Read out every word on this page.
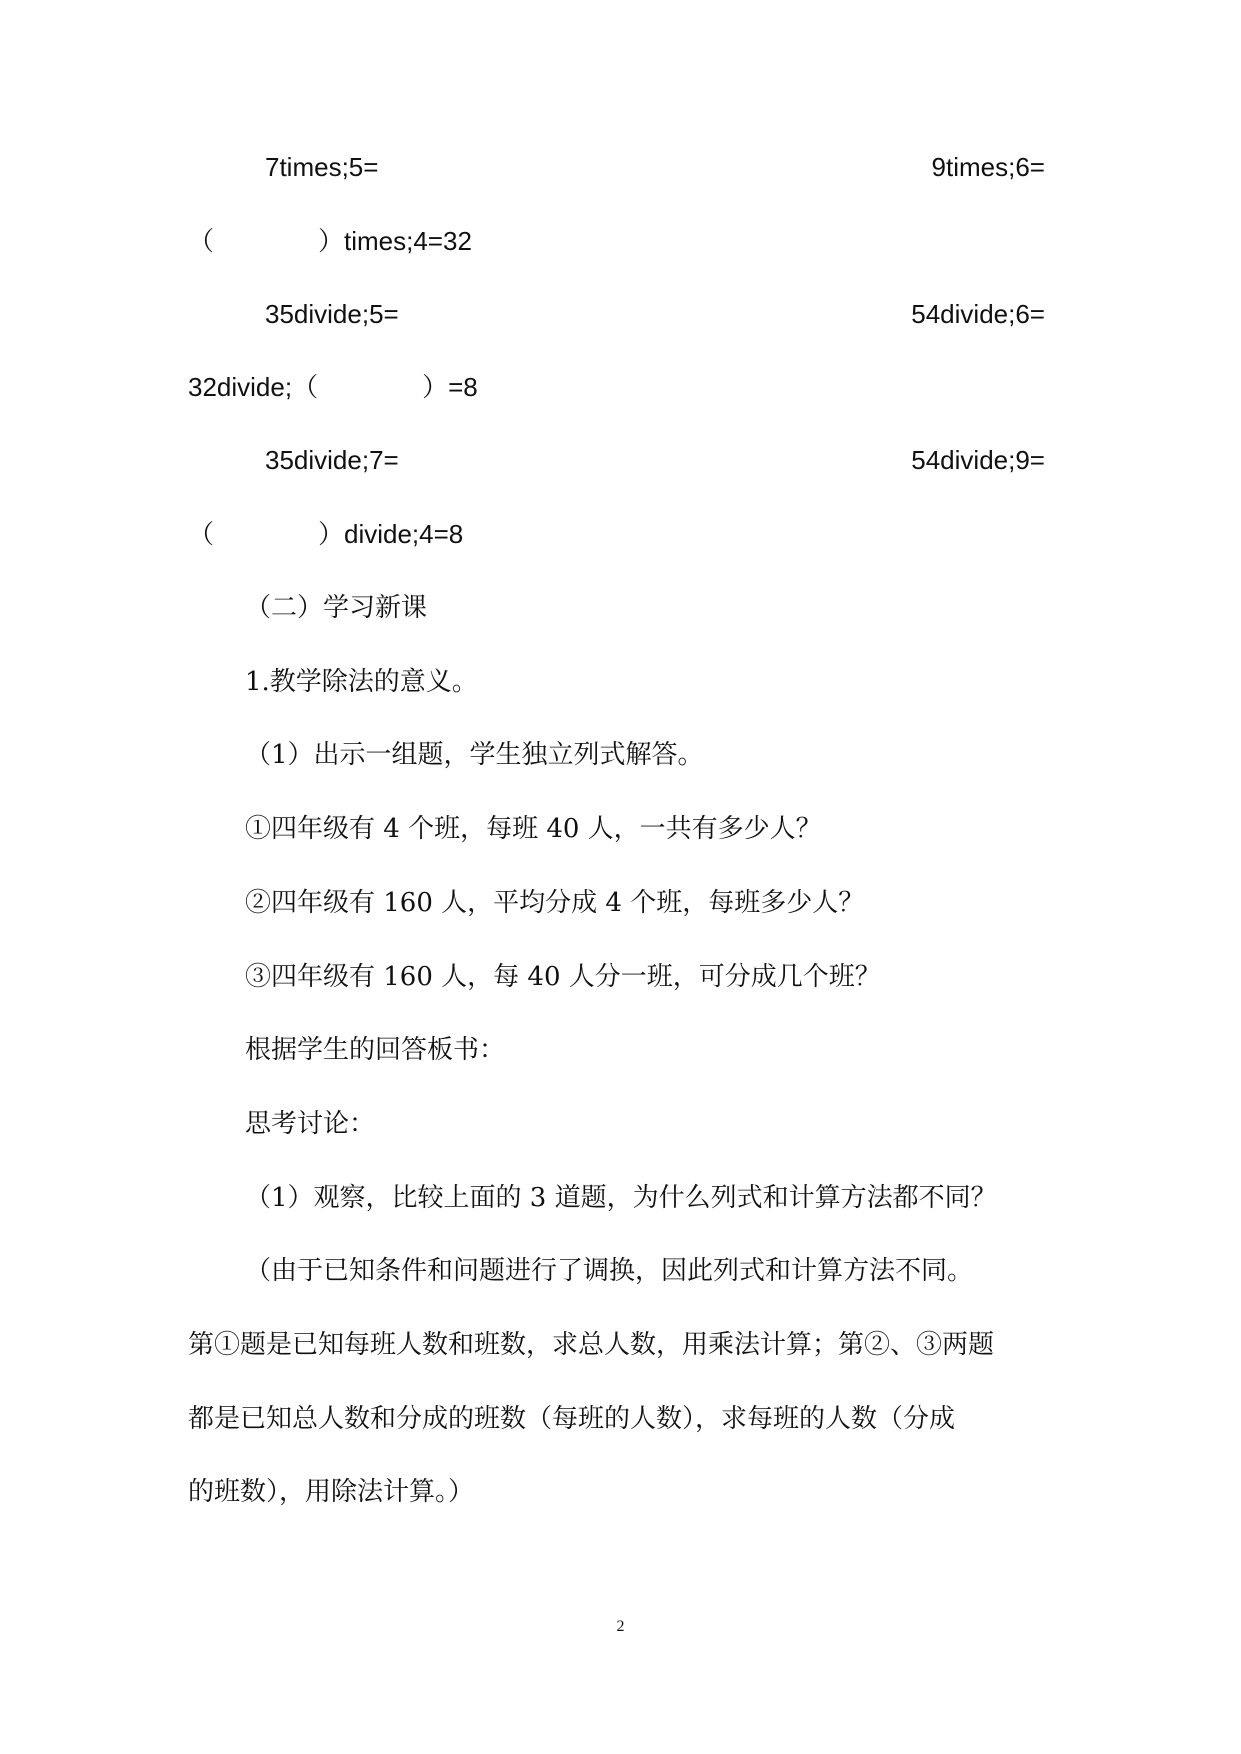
7times;5=	9times;6=
（　　　　）times;4=32
35divide;5=	54divide;6=
32divide;（　　　　）=8
35divide;7=	54divide;9=
（　　　　）divide;4=8
（二）学习新课
1.教学除法的意义。
（1）出示一组题，学生独立列式解答。
①四年级有 4 个班，每班 40 人，一共有多少人？
②四年级有 160 人，平均分成 4 个班，每班多少人？
③四年级有 160 人，每 40 人分一班，可分成几个班？
根据学生的回答板书：
思考讨论：
（1）观察，比较上面的 3 道题，为什么列式和计算方法都不同？
（由于已知条件和问题进行了调换，因此列式和计算方法不同。
第①题是已知每班人数和班数，求总人数，用乘法计算；第②、③两题
都是已知总人数和分成的班数（每班的人数），求每班的人数（分成
的班数），用除法计算。）
2
